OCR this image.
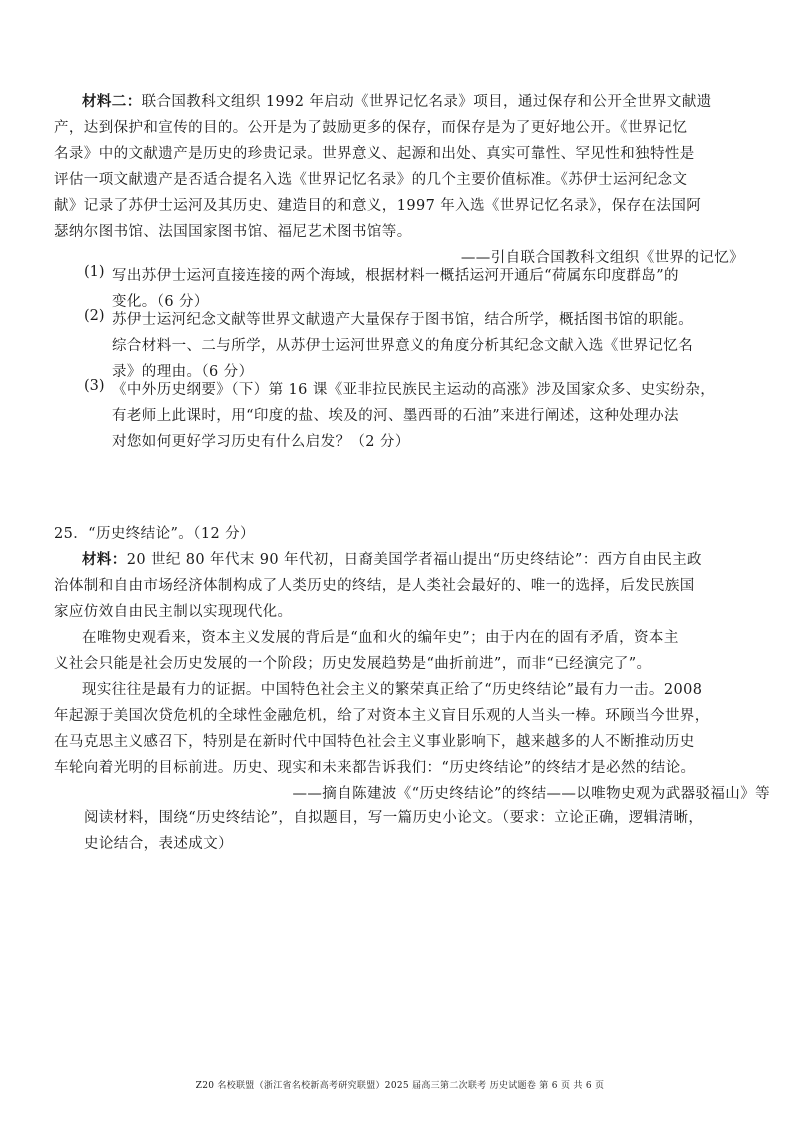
材料二：联合国教科文组织 1992 年启动《世界记忆名录》项目，通过保存和公开全世界文献遗
产，达到保护和宣传的目的。公开是为了鼓励更多的保存，而保存是为了更好地公开。《世界记忆
名录》中的文献遗产是历史的珍贵记录。世界意义、起源和出处、真实可靠性、罕见性和独特性是
评估一项文献遗产是否适合提名入选《世界记忆名录》的几个主要价值标准。《苏伊士运河纪念文
献》记录了苏伊士运河及其历史、建造目的和意义，1997 年入选《世界记忆名录》，保存在法国阿
瑟纳尔图书馆、法国国家图书馆、福尼艺术图书馆等。
——引自联合国教科文组织《世界的记忆》
(1) 写出苏伊士运河直接连接的两个海域，根据材料一概括运河开通后“荷属东印度群岛”的
变化。（6 分）
(2) 苏伊士运河纪念文献等世界文献遗产大量保存于图书馆，结合所学，概括图书馆的职能。
综合材料一、二与所学，从苏伊士运河世界意义的角度分析其纪念文献入选《世界记忆名
录》的理由。（6 分）
(3) 《中外历史纲要》（下）第 16 课《亚非拉民族民主运动的高涨》涉及国家众多、史实纷杂，
有老师上此课时，用“印度的盐、埃及的河、墨西哥的石油”来进行阐述，这种处理办法
对您如何更好学习历史有什么启发？（2 分）
25．“历史终结论”。（12 分）
材料：20 世纪 80 年代末 90 年代初，日裔美国学者福山提出“历史终结论”：西方自由民主政
治体制和自由市场经济体制构成了人类历史的终结，是人类社会最好的、唯一的选择，后发民族国
家应仿效自由民主制以实现现代化。
在唯物史观看来，资本主义发展的背后是“血和火的编年史”；由于内在的固有矛盾，资本主
义社会只能是社会历史发展的一个阶段；历史发展趋势是“曲折前进”，而非“已经演完了”。
现实往往是最有力的证据。中国特色社会主义的繁荣真正给了“历史终结论”最有力一击。2008
年起源于美国次贷危机的全球性金融危机，给了对资本主义盲目乐观的人当头一棒。环顾当今世界，
在马克思主义感召下，特别是在新时代中国特色社会主义事业影响下，越来越多的人不断推动历史
车轮向着光明的目标前进。历史、现实和未来都告诉我们：“历史终结论”的终结才是必然的结论。
——摘自陈建波《“历史终结论”的终结——以唯物史观为武器驳福山》等
阅读材料，围绕“历史终结论”，自拟题目，写一篇历史小论文。（要求：立论正确，逻辑清晰，
史论结合，表述成文）
Z20 名校联盟（浙江省名校新高考研究联盟）2025 届高三第二次联考 历史试题卷 第 6 页 共 6 页
